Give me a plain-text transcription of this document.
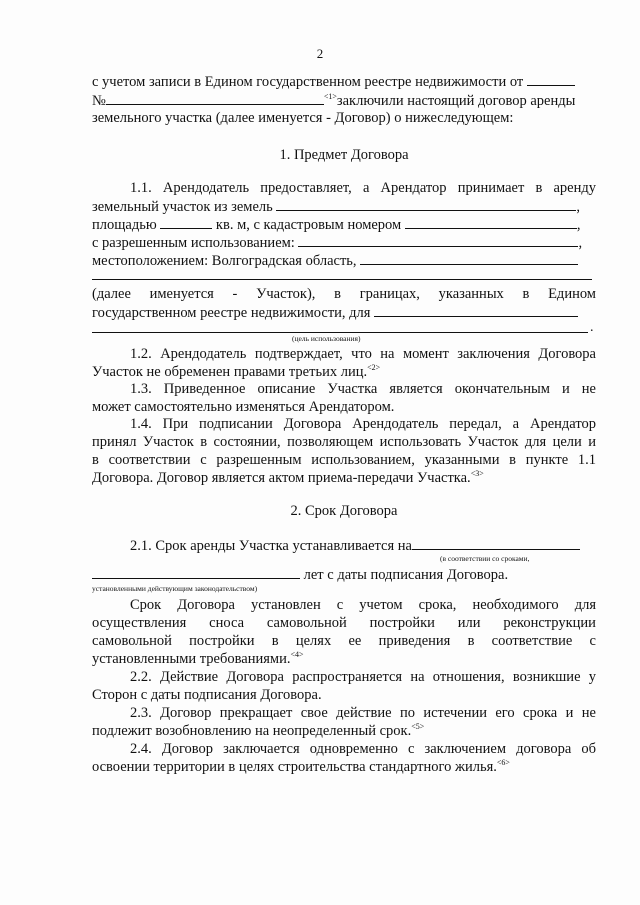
2
с учетом записи в Едином государственном реестре недвижимости от
№	$^{<1>}$заключили настоящий договор аренды
земельного участка (далее именуется - Договор) о нижеследующем:
1. Предмет Договора
1.1. Арендодатель предоставляет, а Арендатор принимает в аренду
земельный участок из земель	,
площадью	кв. м, с кадастровым номером	,
с разрешенным использованием:	,
местоположением: Волгоградская область,
(далее именуется - Участок), в границах, указанных в Едином
государственном реестре недвижимости, для
.
(цель использования)
1.2. Арендодатель подтверждает, что на момент заключения Договора
Участок не обременен правами третьих лиц.$^{<2>}$
1.3. Приведенное описание Участка является окончательным и не
может самостоятельно изменяться Арендатором.
1.4. При подписании Договора Арендодатель передал, а Арендатор
принял Участок в состоянии, позволяющем использовать Участок для цели и
в соответствии с разрешенным использованием, указанными в пункте 1.1
Договора. Договор является актом приема-передачи Участка.$^{<3>}$
2. Срок Договора
2.1. Срок аренды Участка устанавливается на
(в соответствии со сроками,
лет с даты подписания Договора.
установленными действующим законодательством)
Срок Договора установлен с учетом срока, необходимого для
осуществления сноса самовольной постройки или реконструкции
самовольной постройки в целях ее приведения в соответствие с
установленными требованиями.$^{<4>}$
2.2. Действие Договора распространяется на отношения, возникшие у
Сторон с даты подписания Договора.
2.3. Договор прекращает свое действие по истечении его срока и не
подлежит возобновлению на неопределенный срок.$^{<5>}$
2.4. Договор заключается одновременно с заключением договора об
освоении территории в целях строительства стандартного жилья.$^{<6>}$
